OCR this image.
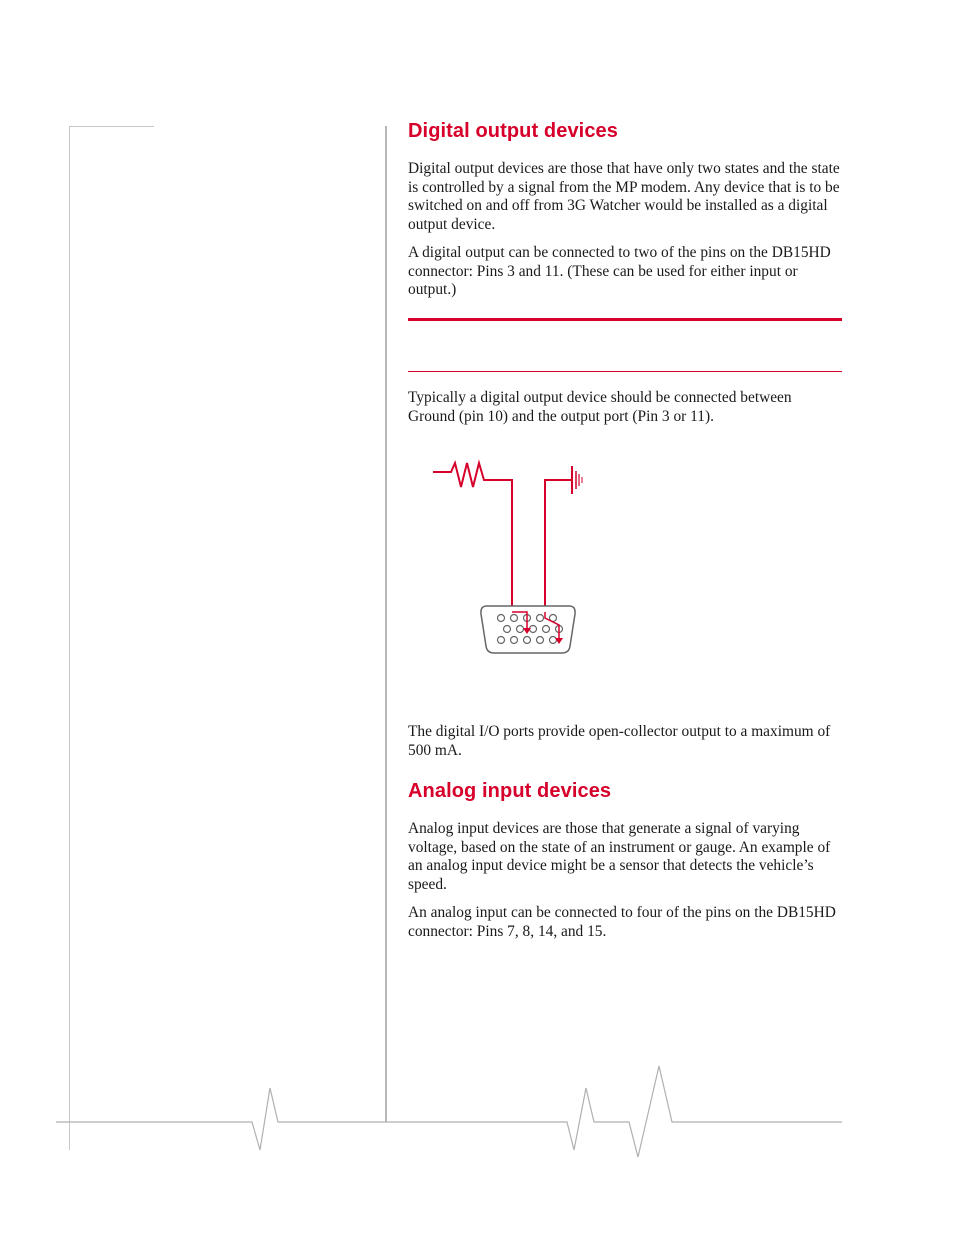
Digital output devices

Digital output devices are those that have only two states and the state is controlled by a signal from the MP modem. Any device that is to be switched on and off from 3G Watcher would be installed as a digital output device.

A digital output can be connected to two of the pins on the DB15HD connector: Pins 3 and 11. (These can be used for either input or output.)

Typically a digital output device should be connected between Ground (pin 10) and the output port (Pin 3 or 11).

The digital I/O ports provide open-collector output to a maximum of 500 mA.

Analog input devices

Analog input devices are those that generate a signal of varying voltage, based on the state of an instrument or gauge. An example of an analog input device might be a sensor that detects the vehicle’s speed.

An analog input can be connected to four of the pins on the DB15HD connector: Pins 7, 8, 14, and 15.
